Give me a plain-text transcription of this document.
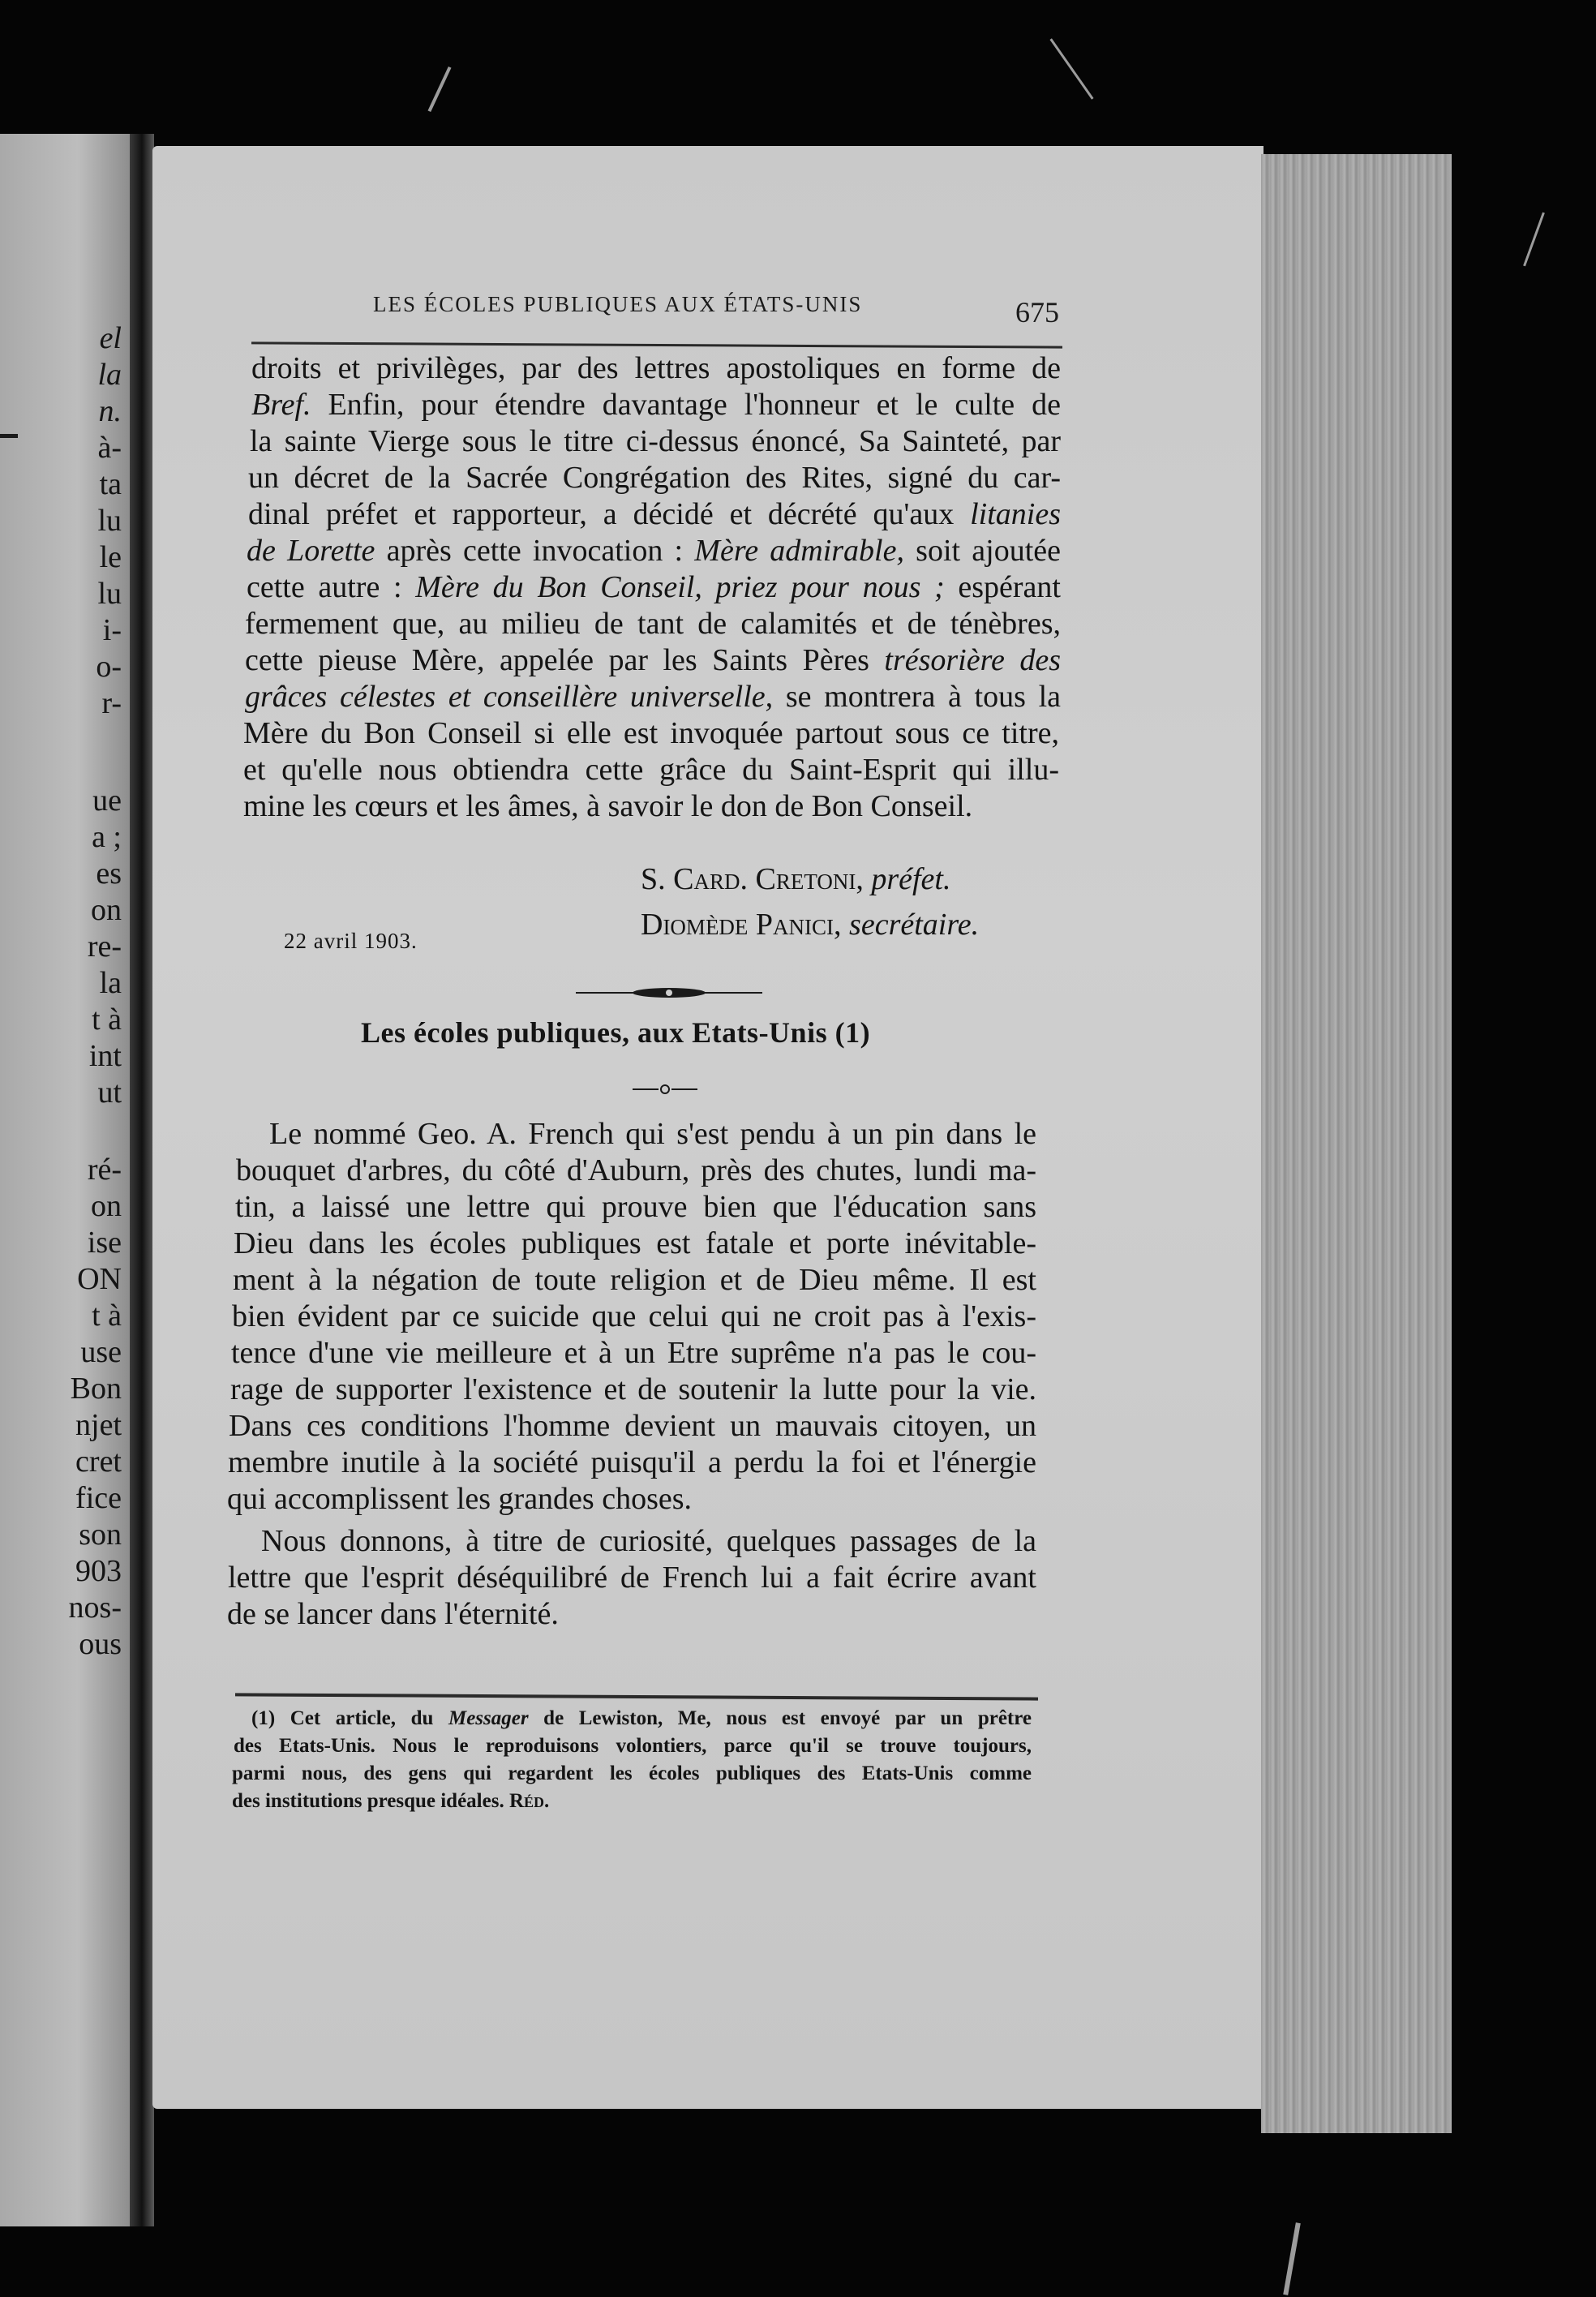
el
la
n.
à-
ta
lu
le
lu
i-
o-
r-
ue
a ;
es
on
re-
la
t à
int
ut
ré-
on
ise
ON
t à
use
Bon
njet
cret
fice
son
903
nos-
ous
LES ÉCOLES PUBLIQUES AUX ÉTATS-UNIS	675
droits et privilèges, par des lettres apostoliques en forme de
Bref. Enfin, pour étendre davantage l'honneur et le culte de
la sainte Vierge sous le titre ci-dessus énoncé, Sa Sainteté, par
un décret de la Sacrée Congrégation des Rites, signé du car-
dinal préfet et rapporteur, a décidé et décrété qu'aux litanies
de Lorette après cette invocation : Mère admirable, soit ajoutée
cette autre : Mère du Bon Conseil, priez pour nous ; espérant
fermement que, au milieu de tant de calamités et de ténèbres,
cette pieuse Mère, appelée par les Saints Pères trésorière des
grâces célestes et conseillère universelle, se montrera à tous la
Mère du Bon Conseil si elle est invoquée partout sous ce titre,
et qu'elle nous obtiendra cette grâce du Saint-Esprit qui illu-
mine les cœurs et les âmes, à savoir le don de Bon Conseil.
S. Card. Cretoni, préfet.
Diomède Panici, secrétaire.
22 avril 1903.
Les écoles publiques, aux Etats-Unis (1)
Le nommé Geo. A. French qui s'est pendu à un pin dans le
bouquet d'arbres, du côté d'Auburn, près des chutes, lundi ma-
tin, a laissé une lettre qui prouve bien que l'éducation sans
Dieu dans les écoles publiques est fatale et porte inévitable-
ment à la négation de toute religion et de Dieu même. Il est
bien évident par ce suicide que celui qui ne croit pas à l'exis-
tence d'une vie meilleure et à un Etre suprême n'a pas le cou-
rage de supporter l'existence et de soutenir la lutte pour la vie.
Dans ces conditions l'homme devient un mauvais citoyen, un
membre inutile à la société puisqu'il a perdu la foi et l'énergie
qui accomplissent les grandes choses.
Nous donnons, à titre de curiosité, quelques passages de la
lettre que l'esprit déséquilibré de French lui a fait écrire avant
de se lancer dans l'éternité.
(1) Cet article, du Messager de Lewiston, Me, nous est envoyé par un prêtre
des Etats-Unis. Nous le reproduisons volontiers, parce qu'il se trouve toujours,
parmi nous, des gens qui regardent les écoles publiques des Etats-Unis comme
des institutions presque idéales. Réd.
